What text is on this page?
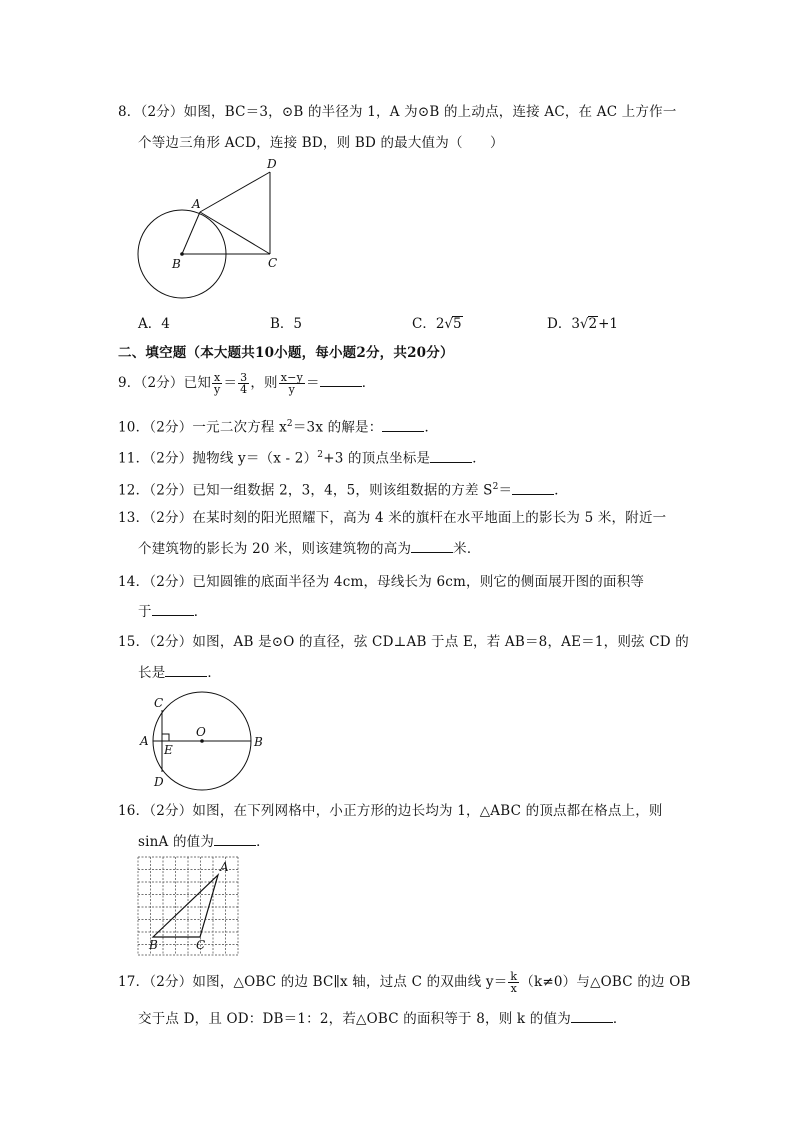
8．（2分）如图，BC＝3，⊙B 的半径为 1，A 为⊙B 的上动点，连接 AC，在 AC 上方作一
个等边三角形 ACD，连接 BD，则 BD 的最大值为（　　）
A
D
B	C
A．4	B．5	C．2√5	D．3√2+1
二、填空题（本大题共10小题，每小题2分，共20分）
9．（2分）已知 $\frac{x}{y} = \frac{3}{4}$ ，则 $\frac{x-y}{y}$ ＝	．
10．（2分）一元二次方程 $x^2=3x$ 的解是：	．
11．（2分）抛物线 y＝（x - 2）$^2$+3 的顶点坐标是	．
12．（2分）已知一组数据 2，3，4，5，则该组数据的方差 $S^2=$	．
13．（2分）在某时刻的阳光照耀下，高为 4 米的旗杆在水平地面上的影长为 5 米，附近一
个建筑物的影长为 20 米，则该建筑物的高为	米．
14．（2分）已知圆锥的底面半径为 4cm，母线长为 6cm，则它的侧面展开图的面积等
于	．
15．（2分）如图，AB 是⊙O 的直径，弦 CD⊥AB 于点 E，若 AB＝8，AE＝1，则弦 CD 的
长是	．
C
O
A
E
B
D
16．（2分）如图，在下列网格中，小正方形的边长均为 1，△ABC 的顶点都在格点上，则
sinA 的值为	．
A
B	C
17．（2分）如图，△OBC 的边 BC∥x 轴，过点 C 的双曲线 $y= \frac{k}{x} (k\ne 0)$与△OBC 的边 OB
交于点 D，且 OD：DB＝1：2，若△OBC 的面积等于 8，则 k 的值为	．
